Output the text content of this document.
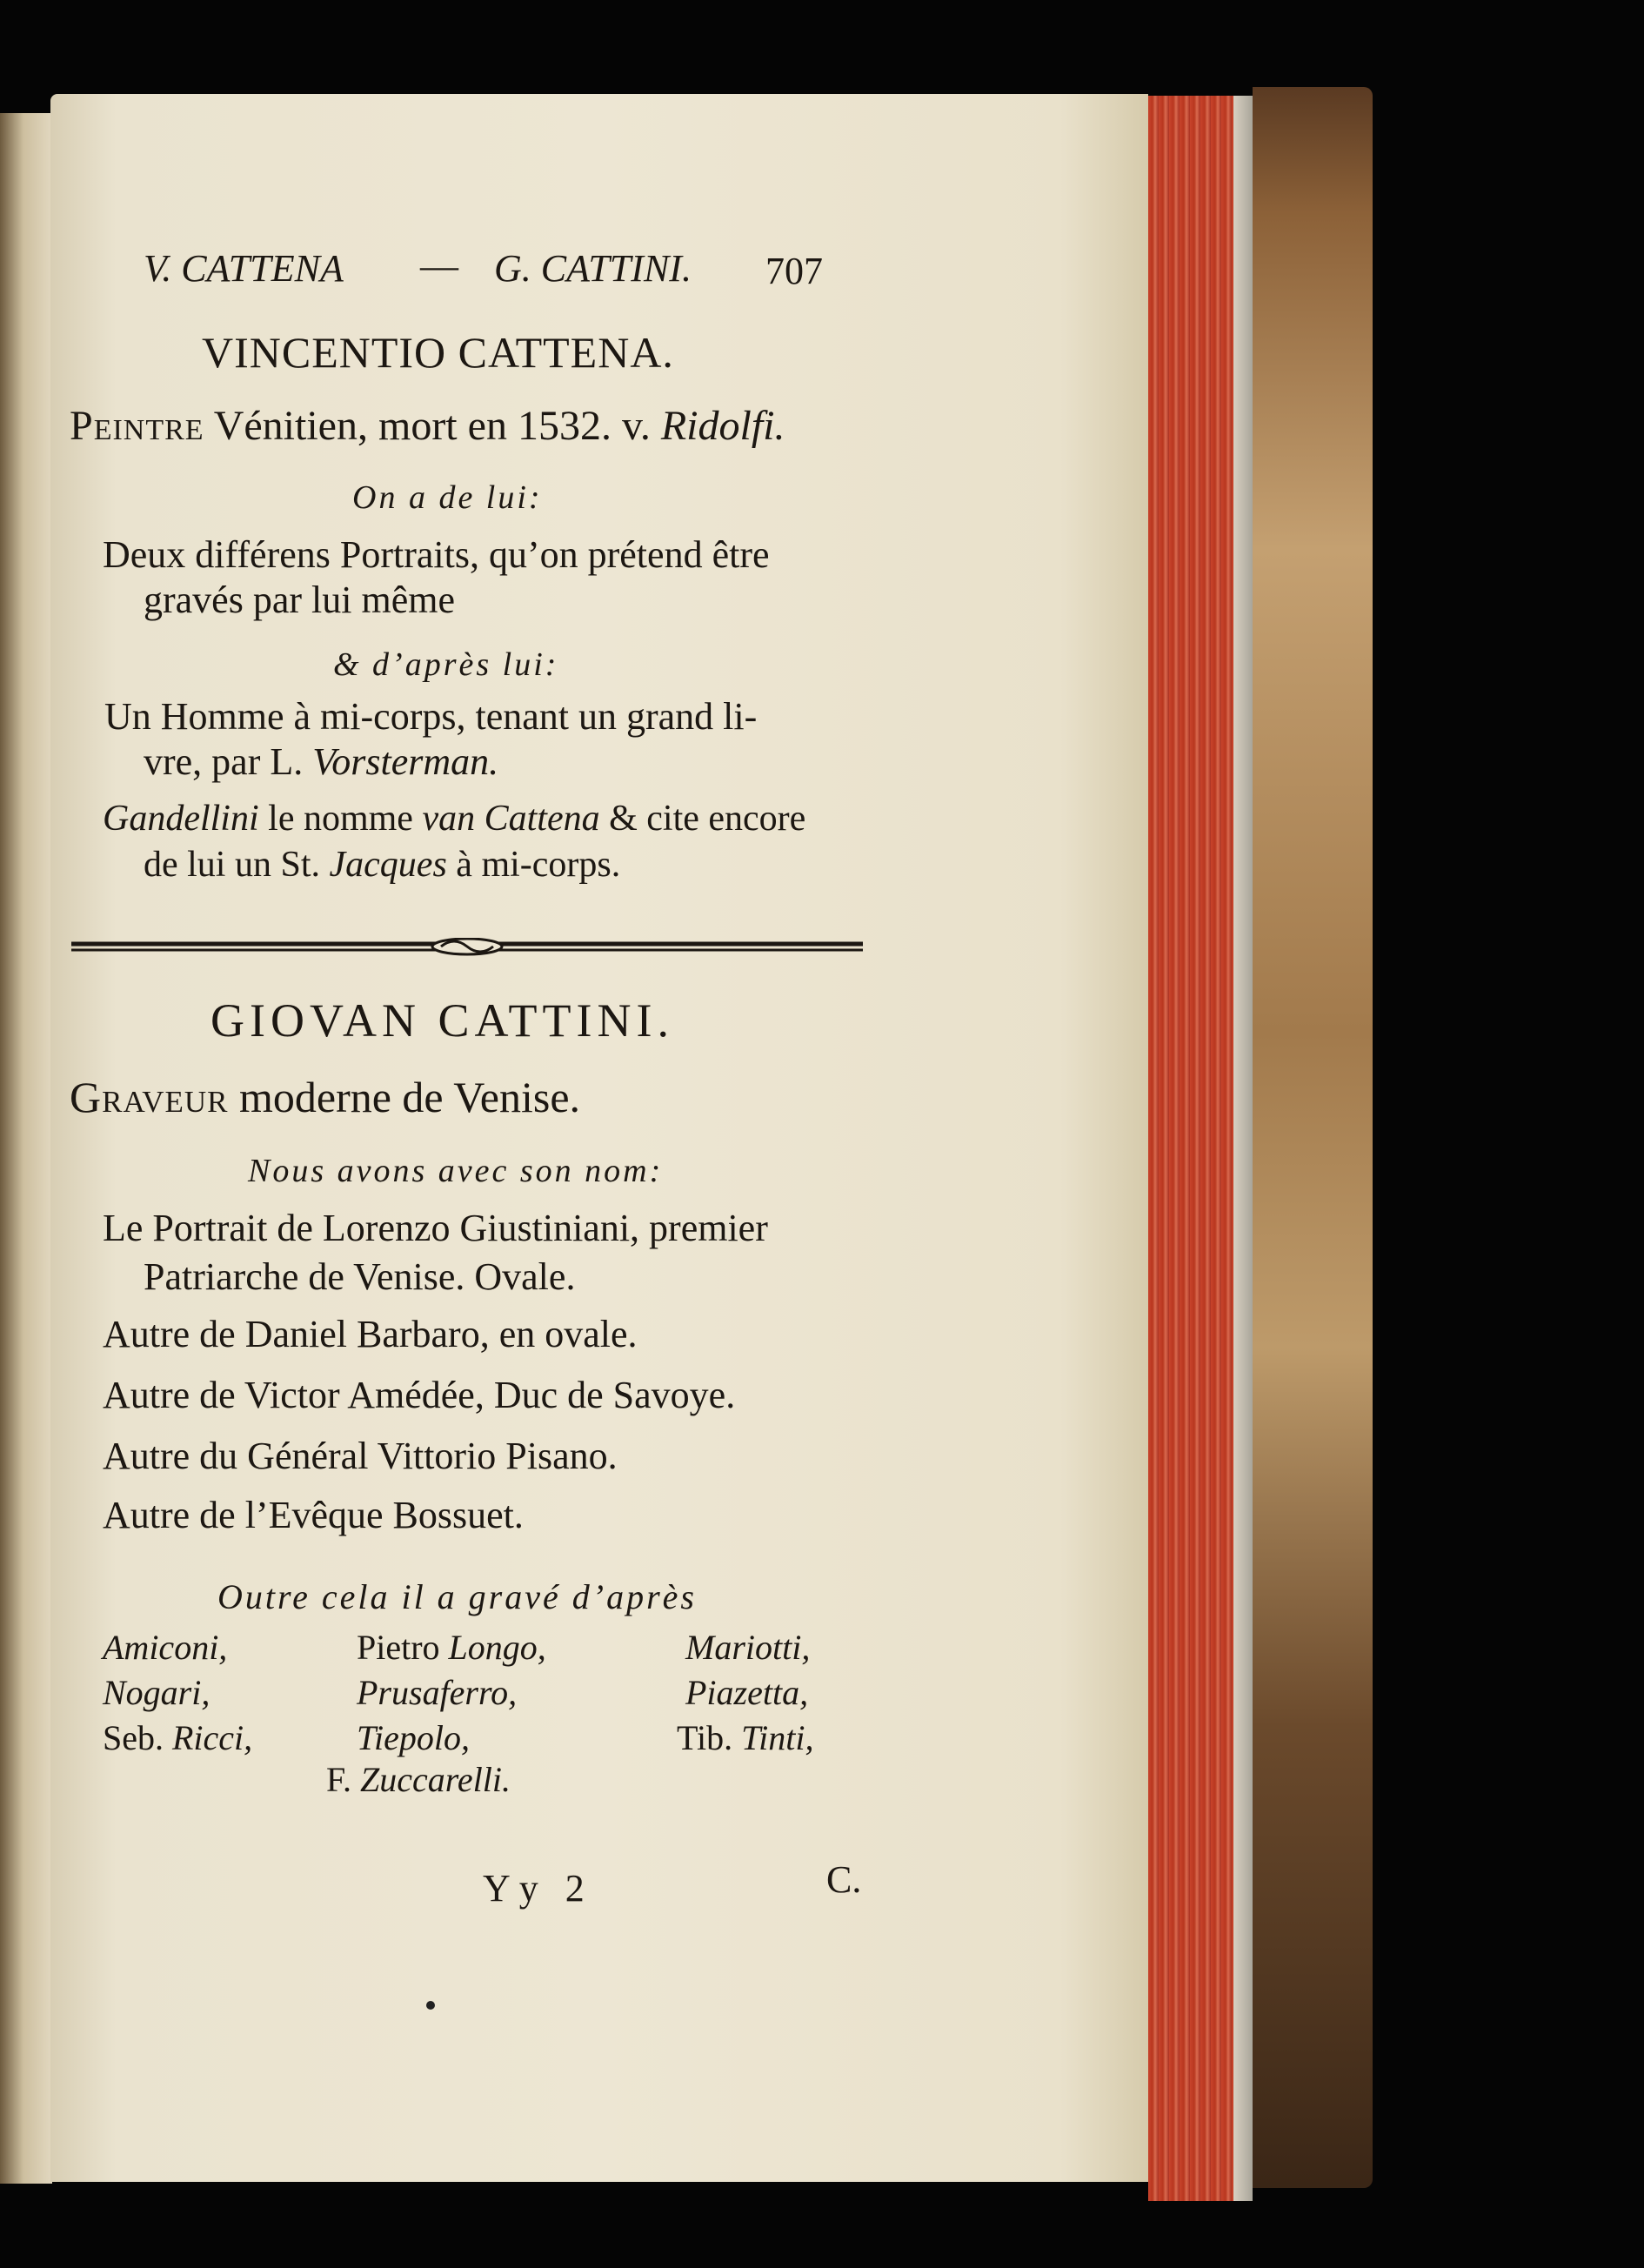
V. CATTENA — G. CATTINI. 707
VINCENTIO CATTENA.
Peintre Vénitien, mort en 1532. v. Ridolfi.
On a de lui:
Deux différens Portraits, qu’on prétend être
gravés par lui même
& d’après lui:
Un Homme à mi-corps, tenant un grand li-
vre, par L. Vorsterman.
Gandellini le nomme van Cattena & cite encore
de lui un St. Jacques à mi-corps.
GIOVAN CATTINI.
Graveur moderne de Venise.
Nous avons avec son nom:
Le Portrait de Lorenzo Giustiniani, premier
Patriarche de Venise. Ovale.
Autre de Daniel Barbaro, en ovale.
Autre de Victor Amédée, Duc de Savoye.
Autre du Général Vittorio Pisano.
Autre de l’Evêque Bossuet.
Outre cela il a gravé d’après
Amiconi,
Nogari,
Seb. Ricci,
Pietro Longo,
Prusaferro,
Tiepolo,
F. Zuccarelli.
Mariotti,
Piazetta,
Tib. Tinti,
Yy 2	C.
